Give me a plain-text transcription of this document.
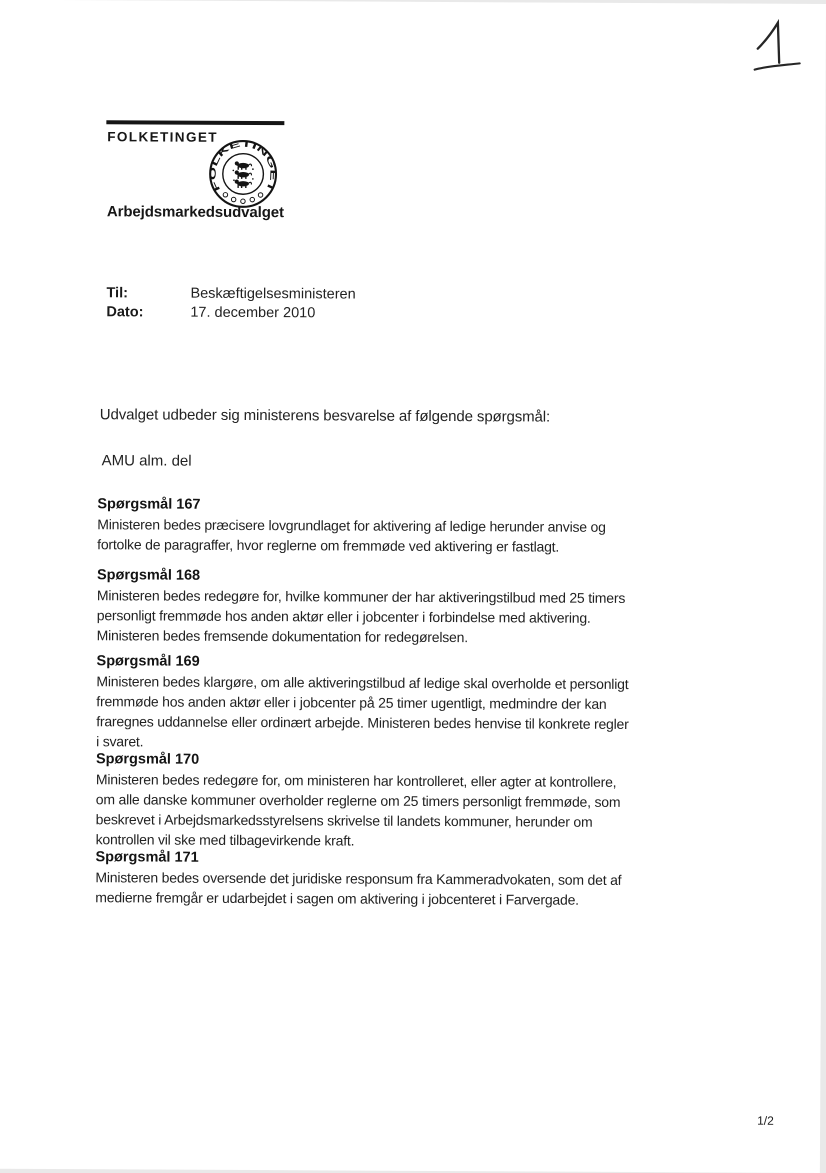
FOLKETINGET
FOLKETINGET
Arbejdsmarkedsudvalget
Til:	Beskæftigelsesministeren
Dato:	17. december 2010
Udvalget udbeder sig ministerens besvarelse af følgende spørgsmål:
AMU alm. del

Spørgsmål 167

Ministeren bedes præcisere lovgrundlaget for aktivering af ledige herunder anvise og fortolke de paragraffer, hvor reglerne om fremmøde ved aktivering er fastlagt.

Spørgsmål 168

Ministeren bedes redegøre for, hvilke kommuner der har aktiveringstilbud med 25 timers personligt fremmøde hos anden aktør eller i jobcenter i forbindelse med aktivering. Ministeren bedes fremsende dokumentation for redegørelsen.

Spørgsmål 169

Ministeren bedes klargøre, om alle aktiveringstilbud af ledige skal overholde et personligt fremmøde hos anden aktør eller i jobcenter på 25 timer ugentligt, medmindre der kan fraregnes uddannelse eller ordinært arbejde. Ministeren bedes henvise til konkrete regler i svaret.

Spørgsmål 170

Ministeren bedes redegøre for, om ministeren har kontrolleret, eller agter at kontrollere, om alle danske kommuner overholder reglerne om 25 timers personligt fremmøde, som beskrevet i Arbejdsmarkedsstyrelsens skrivelse til landets kommuner, herunder om kontrollen vil ske med tilbagevirkende kraft.

Spørgsmål 171

Ministeren bedes oversende det juridiske responsum fra Kammeradvokaten, som det af medierne fremgår er udarbejdet i sagen om aktivering i jobcenteret i Farvergade.

1/2
